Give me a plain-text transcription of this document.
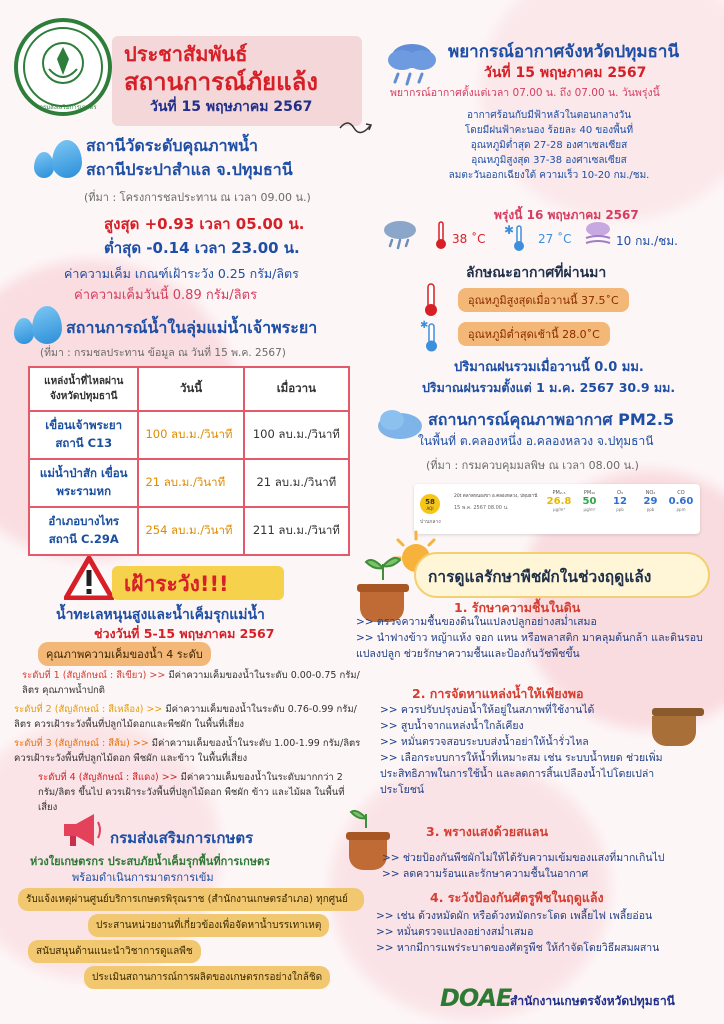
กรมส่งเสริมการเกษตร
ประชาสัมพันธ์
สถานการณ์ภัยแล้ง
วันที่ 15 พฤษภาคม 2567
สถานีวัดระดับคุณภาพน้ำ
สถานีประปาสำแล จ.ปทุมธานี
(ที่มา : โครงการชลประทาน ณ เวลา 09.00 น.)
สูงสุด +0.93 เวลา 05.00 น.
ต่ำสุด -0.14 เวลา 23.00 น.
ค่าความเค็ม เกณฑ์เฝ้าระวัง 0.25 กรัม/ลิตร
ค่าความเค็มวันนี้ 0.89 กรัม/ลิตร
สถานการณ์น้ำในลุ่มแม่น้ำเจ้าพระยา
(ที่มา : กรมชลประทาน ข้อมูล ณ วันที่ 15 พ.ค. 2567)
แหล่งน้ำที่ไหลผ่าน จังหวัดปทุมธานี	วันนี้	เมื่อวาน
เขื่อนเจ้าพระยา สถานี C13	100 ลบ.ม./วินาที	100 ลบ.ม./วินาที
แม่น้ำป่าสัก เขื่อนพระรามหก	21 ลบ.ม./วินาที	21 ลบ.ม./วินาที
อำเภอบางไทร สถานี C.29A	254 ลบ.ม./วินาที	211 ลบ.ม./วินาที
เฝ้าระวัง!!!
น้ำทะเลหนุนสูงและน้ำเค็มรุกแม่น้ำ
ช่วงวันที่ 5-15 พฤษภาคม 2567
คุณภาพความเค็มของน้ำ 4 ระดับ
ระดับที่ 1 (สัญลักษณ์ : สีเขียว) >> มีค่าความเค็มของน้ำในระดับ 0.00-0.75 กรัม/ลิตร คุณภาพน้ำปกติ
ระดับที่ 2 (สัญลักษณ์ : สีเหลือง) >> มีค่าความเค็มของน้ำในระดับ 0.76-0.99 กรัม/ลิตร ควรเฝ้าระวังพื้นที่ปลูกไม้ดอกและพืชผัก ในพื้นที่เสี่ยง
ระดับที่ 3 (สัญลักษณ์ : สีส้ม) >> มีค่าความเค็มของน้ำในระดับ 1.00-1.99 กรัม/ลิตร ควรเฝ้าระวังพื้นที่ปลูกไม้ดอก พืชผัก และข้าว ในพื้นที่เสี่ยง
ระดับที่ 4 (สัญลักษณ์ : สีแดง) >> มีค่าความเค็มของน้ำในระดับมากกว่า 2 กรัม/ลิตร ขึ้นไป ควรเฝ้าระวังพื้นที่ปลูกไม้ดอก พืชผัก ข้าว และไม้ผล ในพื้นที่เสี่ยง
กรมส่งเสริมการเกษตร
ห่วงใยเกษตรกร ประสบภัยน้ำเค็มรุกพื้นที่การเกษตร
พร้อมดำเนินการมาตรการเข้ม
รับแจ้งเหตุผ่านศูนย์บริการเกษตรพิรุณราช (สำนักงานเกษตรอำเภอ) ทุกศูนย์
ประสานหน่วยงานที่เกี่ยวข้องเพื่อจัดหาน้ำบรรเทาเหตุ
สนับสนุนด้านแนะนำวิชาการดูแลพืช
ประเมินสถานการณ์การผลิตของเกษตรกรอย่างใกล้ชิด
พยากรณ์อากาศจังหวัดปทุมธานี
วันที่ 15 พฤษภาคม 2567
พยากรณ์อากาศตั้งแต่เวลา 07.00 น. ถึง 07.00 น. วันพรุ่งนี้
อากาศร้อนกับมีฟ้าหลัวในตอนกลางวัน
โดยมีฝนฟ้าคะนอง ร้อยละ 40 ของพื้นที่
อุณหภูมิต่ำสุด 27-28 องศาเซลเซียส
อุณหภูมิสูงสุด 37-38 องศาเซลเซียส
ลมตะวันออกเฉียงใต้ ความเร็ว 10-20 กม./ชม.
พรุ่งนี้ 16 พฤษภาคม 2567
38 ˚C
✱
27 ˚C	10 กม./ชม.
ลักษณะอากาศที่ผ่านมา
อุณหภูมิสูงสุดเมื่อวานนี้ 37.5˚C
✱
อุณหภูมิต่ำสุดเช้านี้ 28.0˚C
ปริมาณฝนรวมเมื่อวานนี้ 0.0 มม.
ปริมาณฝนรวมตั้งแต่ 1 ม.ค. 2567 30.9 มม.
สถานการณ์คุณภาพอากาศ PM2.5
ในพื้นที่ ต.คลองหนึ่ง อ.คลองหลวง จ.ปทุมธานี
(ที่มา : กรมควบคุมมลพิษ ณ เวลา 08.00 น.)
58
AQI
ปานกลาง
20t ตลาดหนองขา อ.คลองหลวง, ปทุมธานี
15 พ.ค. 2567 08.00 น.
PM₂.₅
26.8
µg/m³
PM₁₀
50
µg/m³
O₃
12
ppb
NO₂
29
ppb
CO
0.60
ppm
การดูแลรักษาพืชผักในช่วงฤดูแล้ง
1. รักษาความชื้นในดิน
>> ตรวจความชื้นของดินในแปลงปลูกอย่างสม่ำเสมอ
>> นำฟางข้าว หญ้าแห้ง จอก แหน หรือพลาสติก มาคลุมต้นกล้า และดินรอบแปลงปลูก ช่วยรักษาความชื้นและป้องกันวัชพืชขึ้น
2. การจัดหาแหล่งน้ำให้เพียงพอ
>> ควรปรับปรุงบ่อน้ำให้อยู่ในสภาพที่ใช้งานได้
>> สูบน้ำจากแหล่งน้ำใกล้เคียง
>> หมั่นตรวจสอบระบบส่งน้ำอย่าให้น้ำรั่วไหล
>> เลือกระบบการให้น้ำที่เหมาะสม เช่น ระบบน้ำหยด ช่วยเพิ่มประสิทธิภาพในการใช้น้ำ และลดการสิ้นเปลืองน้ำไปโดยเปล่าประโยชน์
3. พรางแสงด้วยสแลน
>> ช่วยป้องกันพืชผักไม่ให้ได้รับความเข้มของแสงที่มากเกินไป
>> ลดความร้อนและรักษาความชื้นในอากาศ
4. ระวังป้องกันศัตรูพืชในฤดูแล้ง
>> เช่น ด้วงหมัดผัก หรือด้วงหมัดกระโดด เพลี้ยไฟ เพลี้ยอ่อน
>> หมั่นตรวจแปลงอย่างสม่ำเสมอ
>> หากมีการแพร่ระบาดของศัตรูพืช ให้กำจัดโดยวิธีผสมผสาน
DOAE
สำนักงานเกษตรจังหวัดปทุมธานี
